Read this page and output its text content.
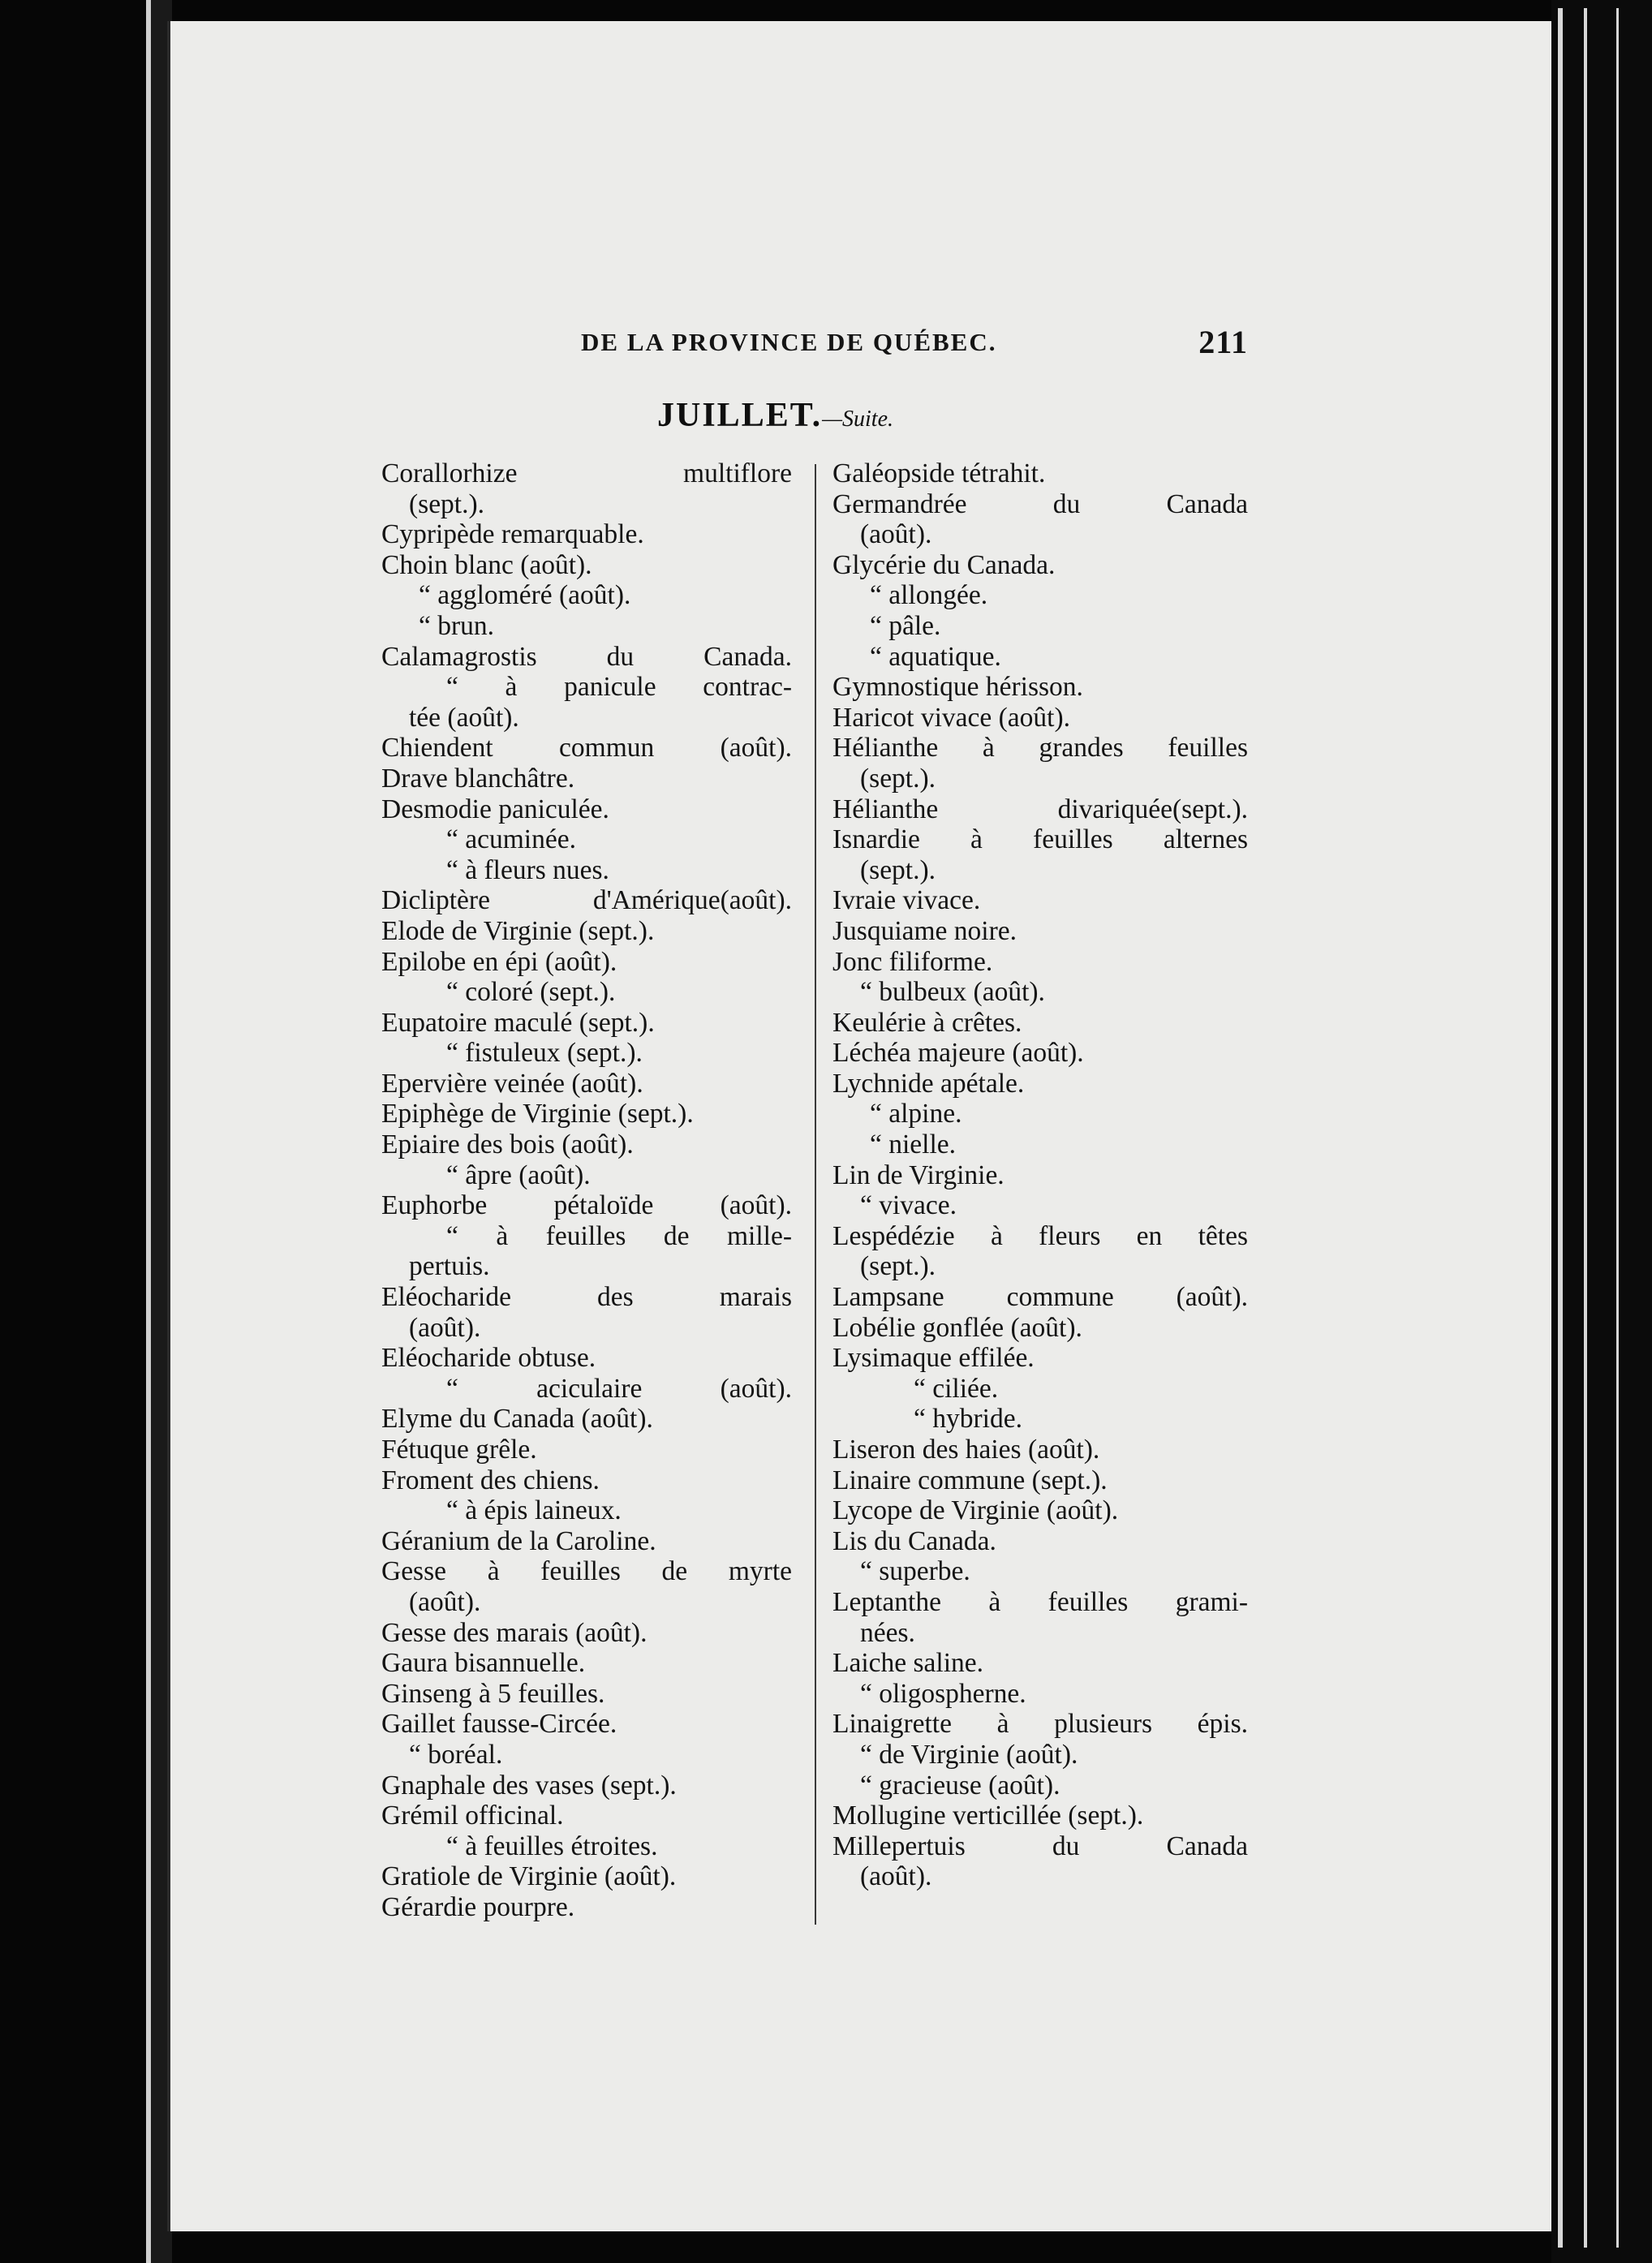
DE LA PROVINCE DE QUÉBEC.	211
JUILLET.—Suite.
Corallorhize multiflore
(sept.).
Cypripède remarquable.
Choin blanc (août).
“ aggloméré (août).
“ brun.
Calamagrostis du Canada.
“ à panicule contrac-
tée (août).
Chiendent commun (août).
Drave blanchâtre.
Desmodie paniculée.
“ acuminée.
“ à fleurs nues.
Dicliptère d'Amérique(août).
Elode de Virginie (sept.).
Epilobe en épi (août).
“ coloré (sept.).
Eupatoire maculé (sept.).
“ fistuleux (sept.).
Epervière veinée (août).
Epiphège de Virginie (sept.).
Epiaire des bois (août).
“ âpre (août).
Euphorbe pétaloïde (août).
“ à feuilles de mille-
pertuis.
Eléocharide des marais
(août).
Eléocharide obtuse.
“ aciculaire (août).
Elyme du Canada (août).
Fétuque grêle.
Froment des chiens.
“ à épis laineux.
Géranium de la Caroline.
Gesse à feuilles de myrte
(août).
Gesse des marais (août).
Gaura bisannuelle.
Ginseng à 5 feuilles.
Gaillet fausse-Circée.
“ boréal.
Gnaphale des vases (sept.).
Grémil officinal.
“ à feuilles étroites.
Gratiole de Virginie (août).
Gérardie pourpre.
Galéopside tétrahit.
Germandrée du Canada
(août).
Glycérie du Canada.
“ allongée.
“ pâle.
“ aquatique.
Gymnostique hérisson.
Haricot vivace (août).
Hélianthe à grandes feuilles
(sept.).
Hélianthe divariquée(sept.).
Isnardie à feuilles alternes
(sept.).
Ivraie vivace.
Jusquiame noire.
Jonc filiforme.
“ bulbeux (août).
Keulérie à crêtes.
Léchéa majeure (août).
Lychnide apétale.
“ alpine.
“ nielle.
Lin de Virginie.
“ vivace.
Lespédézie à fleurs en têtes
(sept.).
Lampsane commune (août).
Lobélie gonflée (août).
Lysimaque effilée.
“ ciliée.
“ hybride.
Liseron des haies (août).
Linaire commune (sept.).
Lycope de Virginie (août).
Lis du Canada.
“ superbe.
Leptanthe à feuilles grami-
nées.
Laiche saline.
“ oligospherne.
Linaigrette à plusieurs épis.
“ de Virginie (août).
“ gracieuse (août).
Mollugine verticillée (sept.).
Millepertuis du Canada
(août).
